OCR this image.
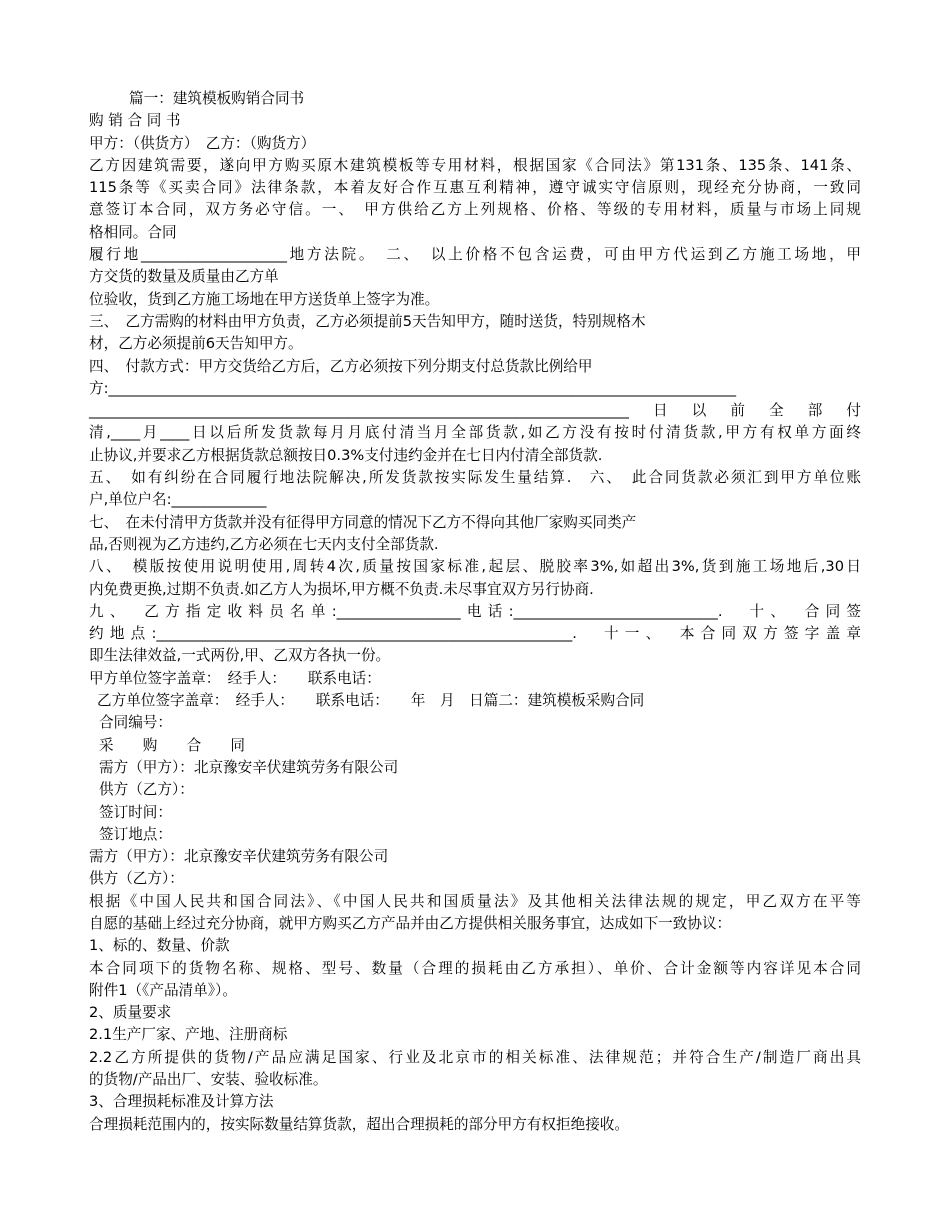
篇一：建筑模板购销合同书

购 销 合 同 书

甲方：（供货方）　乙方：（购货方）

乙方因建筑需要，遂向甲方购买原木建筑模板等专用材料，根据国家《合同法》第131条、135条、141条、

115条等《买卖合同》法律条款，本着友好合作互惠互利精神，遵守诚实守信原则，现经充分协商，一致同

意签订本合同，双方务必守信。一、　甲方供给乙方上列规格、价格、等级的专用材料，质量与市场上同规

格相同。合同

履行地____________________地方法院。　二、　以上价格不包含运费，可由甲方代运到乙方施工场地，甲

方交货的数量及质量由乙方单

位验收，货到乙方施工场地在甲方送货单上签字为准。

三、　乙方需购的材料由甲方负责，乙方必须提前5天告知甲方，随时送货，特别规格木

材，乙方必须提前6天告知甲方。

四、　付款方式：甲方交货给乙方后，乙方必须按下列分期支付总货款比例给甲

方:______________________________________________________________________________________

__________________________________________________________________________日以前全部付

清,____月____日以后所发货款每月月底付清当月全部货款,如乙方没有按时付清货款,甲方有权单方面终

止协议,并要求乙方根据货款总额按日0.3%支付违约金并在七日内付清全部货款.

五、　如有纠纷在合同履行地法院解决,所发货款按实际发生量结算.　六、　此合同货款必须汇到甲方单位账

户,单位户名:_____________

七、　在未付清甲方货款并没有征得甲方同意的情况下乙方不得向其他厂家购买同类产

品,否则视为乙方违约,乙方必须在七天内支付全部货款.

八、　模版按使用说明使用,周转4次,质量按国家标准,起层、脱胶率3%,如超出3%,货到施工场地后,30日

内免费更换,过期不负责.如乙方人为损坏,甲方概不负责.未尽事宜双方另行协商.

九、　乙方指定收料员名单:_________________电话:____________________________.　十、　合同签

约地点:_________________________________________________________.　十一、　本合同双方签字盖章

即生法律效益,一式两份,甲、乙双方各执一份。

甲方单位签字盖章：　经手人：　　联系电话：

乙方单位签字盖章：　经手人：　　联系电话：　　年　月　日篇二：建筑模板采购合同

合同编号：

采　　购　　合　　同

需方（甲方）：北京豫安辛伏建筑劳务有限公司

供方（乙方）：

签订时间：

签订地点：

需方（甲方）：北京豫安辛伏建筑劳务有限公司

供方（乙方）：

根据《中国人民共和国合同法》、《中国人民共和国质量法》及其他相关法律法规的规定，甲乙双方在平等

自愿的基础上经过充分协商，就甲方购买乙方产品并由乙方提供相关服务事宜，达成如下一致协议：

1、标的、数量、价款

本合同项下的货物名称、规格、型号、数量（合理的损耗由乙方承担）、单价、合计金额等内容详见本合同

附件1（《产品清单》）。

2、质量要求

2.1生产厂家、产地、注册商标

2.2乙方所提供的货物/产品应满足国家、行业及北京市的相关标准、法律规范；并符合生产/制造厂商出具

的货物/产品出厂、安装、验收标准。

3、合理损耗标准及计算方法

合理损耗范围内的，按实际数量结算货款，超出合理损耗的部分甲方有权拒绝接收。
